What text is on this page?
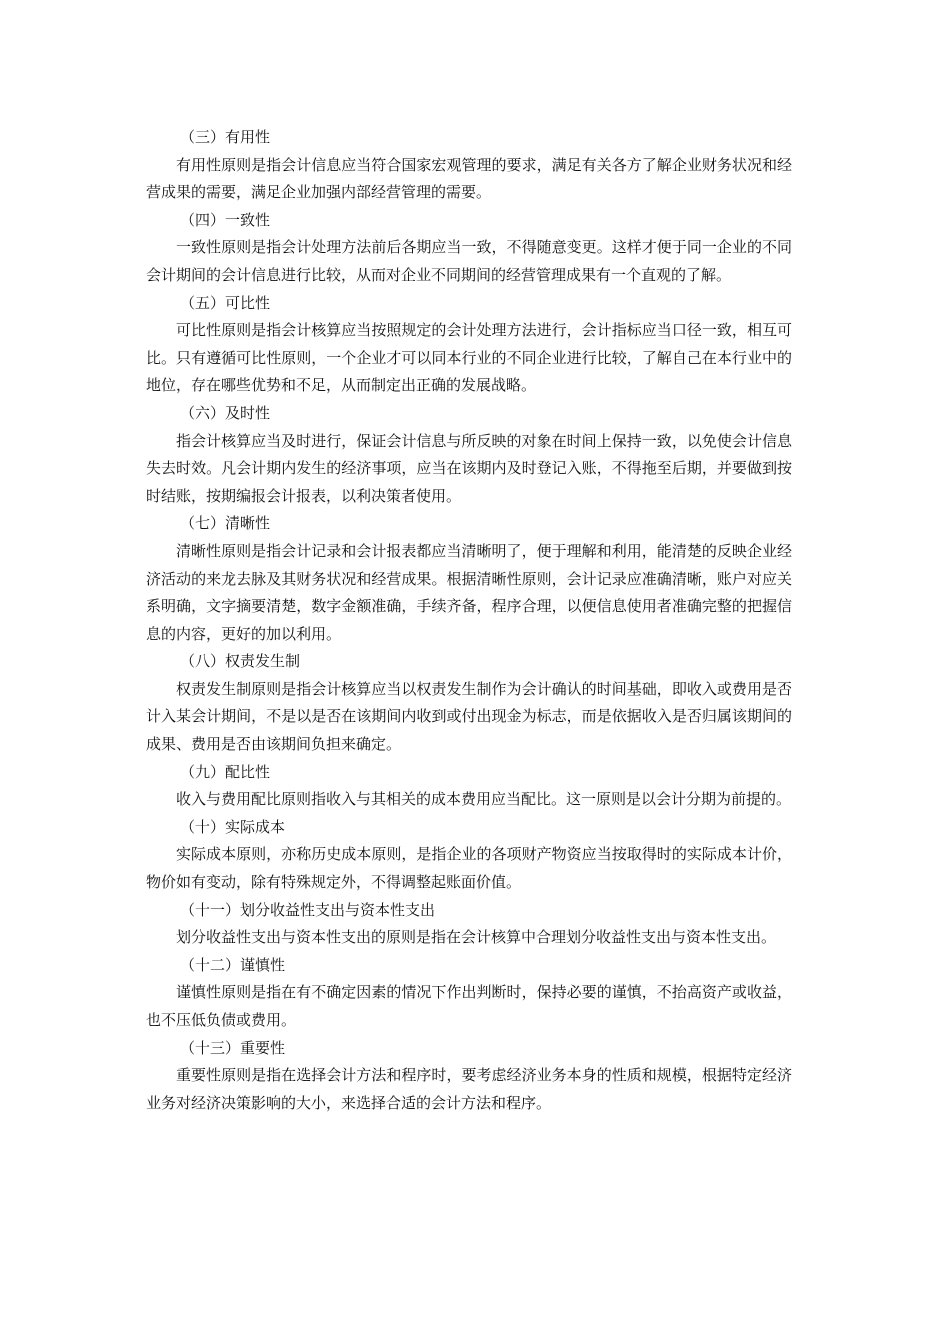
（三）有用性

有用性原则是指会计信息应当符合国家宏观管理的要求，满足有关各方了解企业财务状况和经营成果的需要，满足企业加强内部经营管理的需要。

（四）一致性

一致性原则是指会计处理方法前后各期应当一致，不得随意变更。这样才便于同一企业的不同会计期间的会计信息进行比较，从而对企业不同期间的经营管理成果有一个直观的了解。

（五）可比性

可比性原则是指会计核算应当按照规定的会计处理方法进行，会计指标应当口径一致，相互可比。只有遵循可比性原则，一个企业才可以同本行业的不同企业进行比较，了解自己在本行业中的地位，存在哪些优势和不足，从而制定出正确的发展战略。

（六）及时性

指会计核算应当及时进行，保证会计信息与所反映的对象在时间上保持一致，以免使会计信息失去时效。凡会计期内发生的经济事项，应当在该期内及时登记入账，不得拖至后期，并要做到按时结账，按期编报会计报表，以利决策者使用。

（七）清晰性

清晰性原则是指会计记录和会计报表都应当清晰明了，便于理解和利用，能清楚的反映企业经济活动的来龙去脉及其财务状况和经营成果。根据清晰性原则，会计记录应准确清晰，账户对应关系明确，文字摘要清楚，数字金额准确，手续齐备，程序合理，以便信息使用者准确完整的把握信息的内容，更好的加以利用。

（八）权责发生制

权责发生制原则是指会计核算应当以权责发生制作为会计确认的时间基础，即收入或费用是否计入某会计期间，不是以是否在该期间内收到或付出现金为标志，而是依据收入是否归属该期间的成果、费用是否由该期间负担来确定。

（九）配比性

收入与费用配比原则指收入与其相关的成本费用应当配比。这一原则是以会计分期为前提的。

（十）实际成本

实际成本原则，亦称历史成本原则，是指企业的各项财产物资应当按取得时的实际成本计价，物价如有变动，除有特殊规定外，不得调整起账面价值。

（十一）划分收益性支出与资本性支出

划分收益性支出与资本性支出的原则是指在会计核算中合理划分收益性支出与资本性支出。

（十二）谨慎性

谨慎性原则是指在有不确定因素的情况下作出判断时，保持必要的谨慎，不抬高资产或收益，也不压低负债或费用。

（十三）重要性

重要性原则是指在选择会计方法和程序时，要考虑经济业务本身的性质和规模，根据特定经济业务对经济决策影响的大小，来选择合适的会计方法和程序。
